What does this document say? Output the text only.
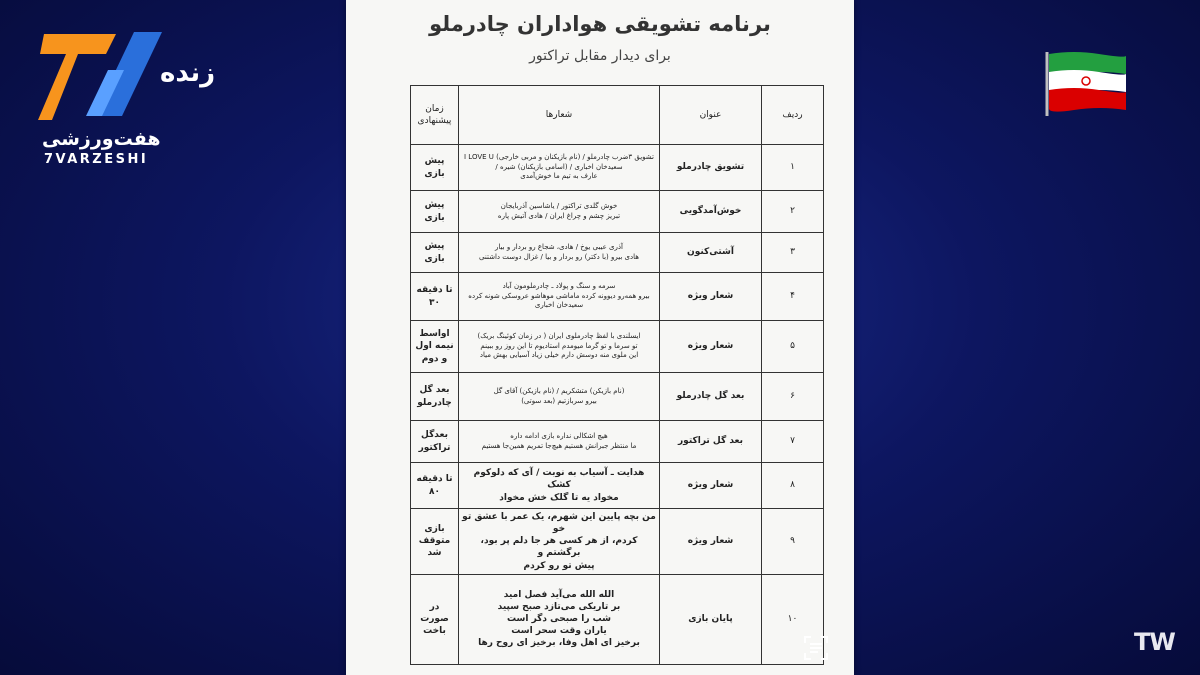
زنده
هفت‌ورزشی
7VARZESHI
برنامه تشویقی هواداران چادرملو
برای دیدار مقابل تراکتور
ردیف	عنوان	شعارها	زمان پیشنهادی
۱	تشویق چادرملو	تشویق ۳ضرب چادرملو / (نام بازیکنان و مربی خارجی) I LOVE U
سعیدخان اخباری / (اسامی بازیکنان) شیره /
عارف به تیم ما خوش‌آمدی	پیش بازی
۲	خوش‌آمدگویی	خوش گلدی تراکتور / یاشاسین آذربایجان
تبریز چشم و چراغ ایران / هادی آتیش پاره	پیش بازی
۳	آشتی‌کنون	آذری عیبی یوخ / هادی، شجاع رو بردار و بیار
هادی بیرو (با دکتر) رو بردار و بیا / غزال دوست داشتنی	پیش بازی
۴	شعار ویژه	سرمه و سنگ و پولاد ـ چادرملومون آباد
بیرو همه‌رو دیوونه کرده ماماشی موهاشو عروسکی شونه کرده
سعیدخان اخباری	تا دقیقه ۳۰
۵	شعار ویژه	ایسلندی با لفظ چادرملوی ایران ( در زمان کوئینگ بریک)
تو سرما و تو گرما میومدم استادیوم تا این روز رو ببینم
این ملوی منه دوسش دارم خیلی زیاد آسیایی بهش میاد	اواسط نیمه اول و دوم
۶	بعد گل چادرملو	(نام بازیکن) متشکریم / (نام بازیکن) آقای گل
بیرو سربازتیم (بعد سوتی)	بعد گل چادرملو
۷	بعد گل تراکتور	هیچ اشکالی نداره بازی ادامه داره
ما منتظر جبرانش هستیم هیچ‌جا تمریم همین‌جا هستیم	بعدگل تراکتور
۸	شعار ویژه	هدایت ـ آسیاب به نوبت / آی که دلوکوم کشک
مخواد یه تا گلک خش مخواد	تا دقیقه ۸۰
۹	شعار ویژه	من بچه پایین این شهرم، یک عمر با عشق تو خو
کردم، از هر کسی هر جا دلم پر بود، برگشتم و
پیش تو رو کردم	بازی متوقف شد
۱۰	پایان بازی	الله الله می‌آید فصل امید
بر تاریکی می‌تازد صبح سپید
شب را صبحی دگر است
یاران وقت سحر است
برخیز ای اهل وفا، برخیز ای روح رها	در صورت باخت	TW
